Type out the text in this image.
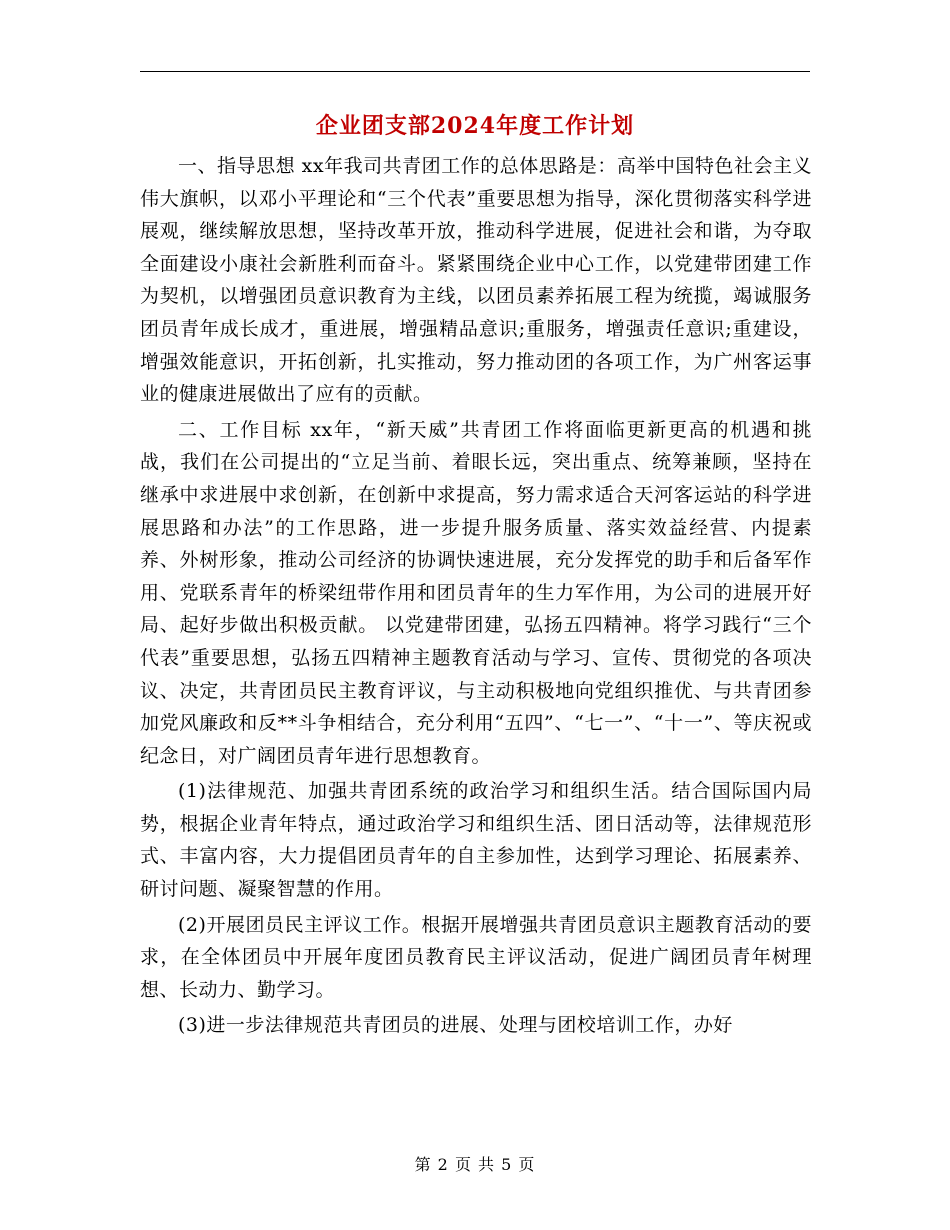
企业团支部2024年度工作计划

一、指导思想 xx年我司共青团工作的总体思路是：高举中国特色社会主义伟大旗帜，以邓小平理论和“三个代表”重要思想为指导，深化贯彻落实科学进展观，继续解放思想，坚持改革开放，推动科学进展，促进社会和谐，为夺取全面建设小康社会新胜利而奋斗。紧紧围绕企业中心工作，以党建带团建工作为契机，以增强团员意识教育为主线，以团员素养拓展工程为统揽，竭诚服务团员青年成长成才，重进展，增强精品意识;重服务，增强责任意识;重建设，增强效能意识，开拓创新，扎实推动，努力推动团的各项工作，为广州客运事业的健康进展做出了应有的贡献。

二、工作目标 xx年，“新天威”共青团工作将面临更新更高的机遇和挑战，我们在公司提出的“立足当前、着眼长远，突出重点、统筹兼顾，坚持在继承中求进展中求创新，在创新中求提高，努力需求适合天河客运站的科学进展思路和办法”的工作思路，进一步提升服务质量、落实效益经营、内提素养、外树形象，推动公司经济的协调快速进展，充分发挥党的助手和后备军作用、党联系青年的桥梁纽带作用和团员青年的生力军作用，为公司的进展开好局、起好步做出积极贡献。 以党建带团建，弘扬五四精神。将学习践行“三个代表”重要思想，弘扬五四精神主题教育活动与学习、宣传、贯彻党的各项决议、决定，共青团员民主教育评议，与主动积极地向党组织推优、与共青团参加党风廉政和反**斗争相结合，充分利用“五四”、“七一”、“十一”、等庆祝或纪念日，对广阔团员青年进行思想教育。

(1)法律规范、加强共青团系统的政治学习和组织生活。结合国际国内局势，根据企业青年特点，通过政治学习和组织生活、团日活动等，法律规范形式、丰富内容，大力提倡团员青年的自主参加性，达到学习理论、拓展素养、研讨问题、凝聚智慧的作用。

(2)开展团员民主评议工作。根据开展增强共青团员意识主题教育活动的要求，在全体团员中开展年度团员教育民主评议活动，促进广阔团员青年树理想、长动力、勤学习。

(3)进一步法律规范共青团员的进展、处理与团校培训工作，办好

第 2 页 共 5 页
